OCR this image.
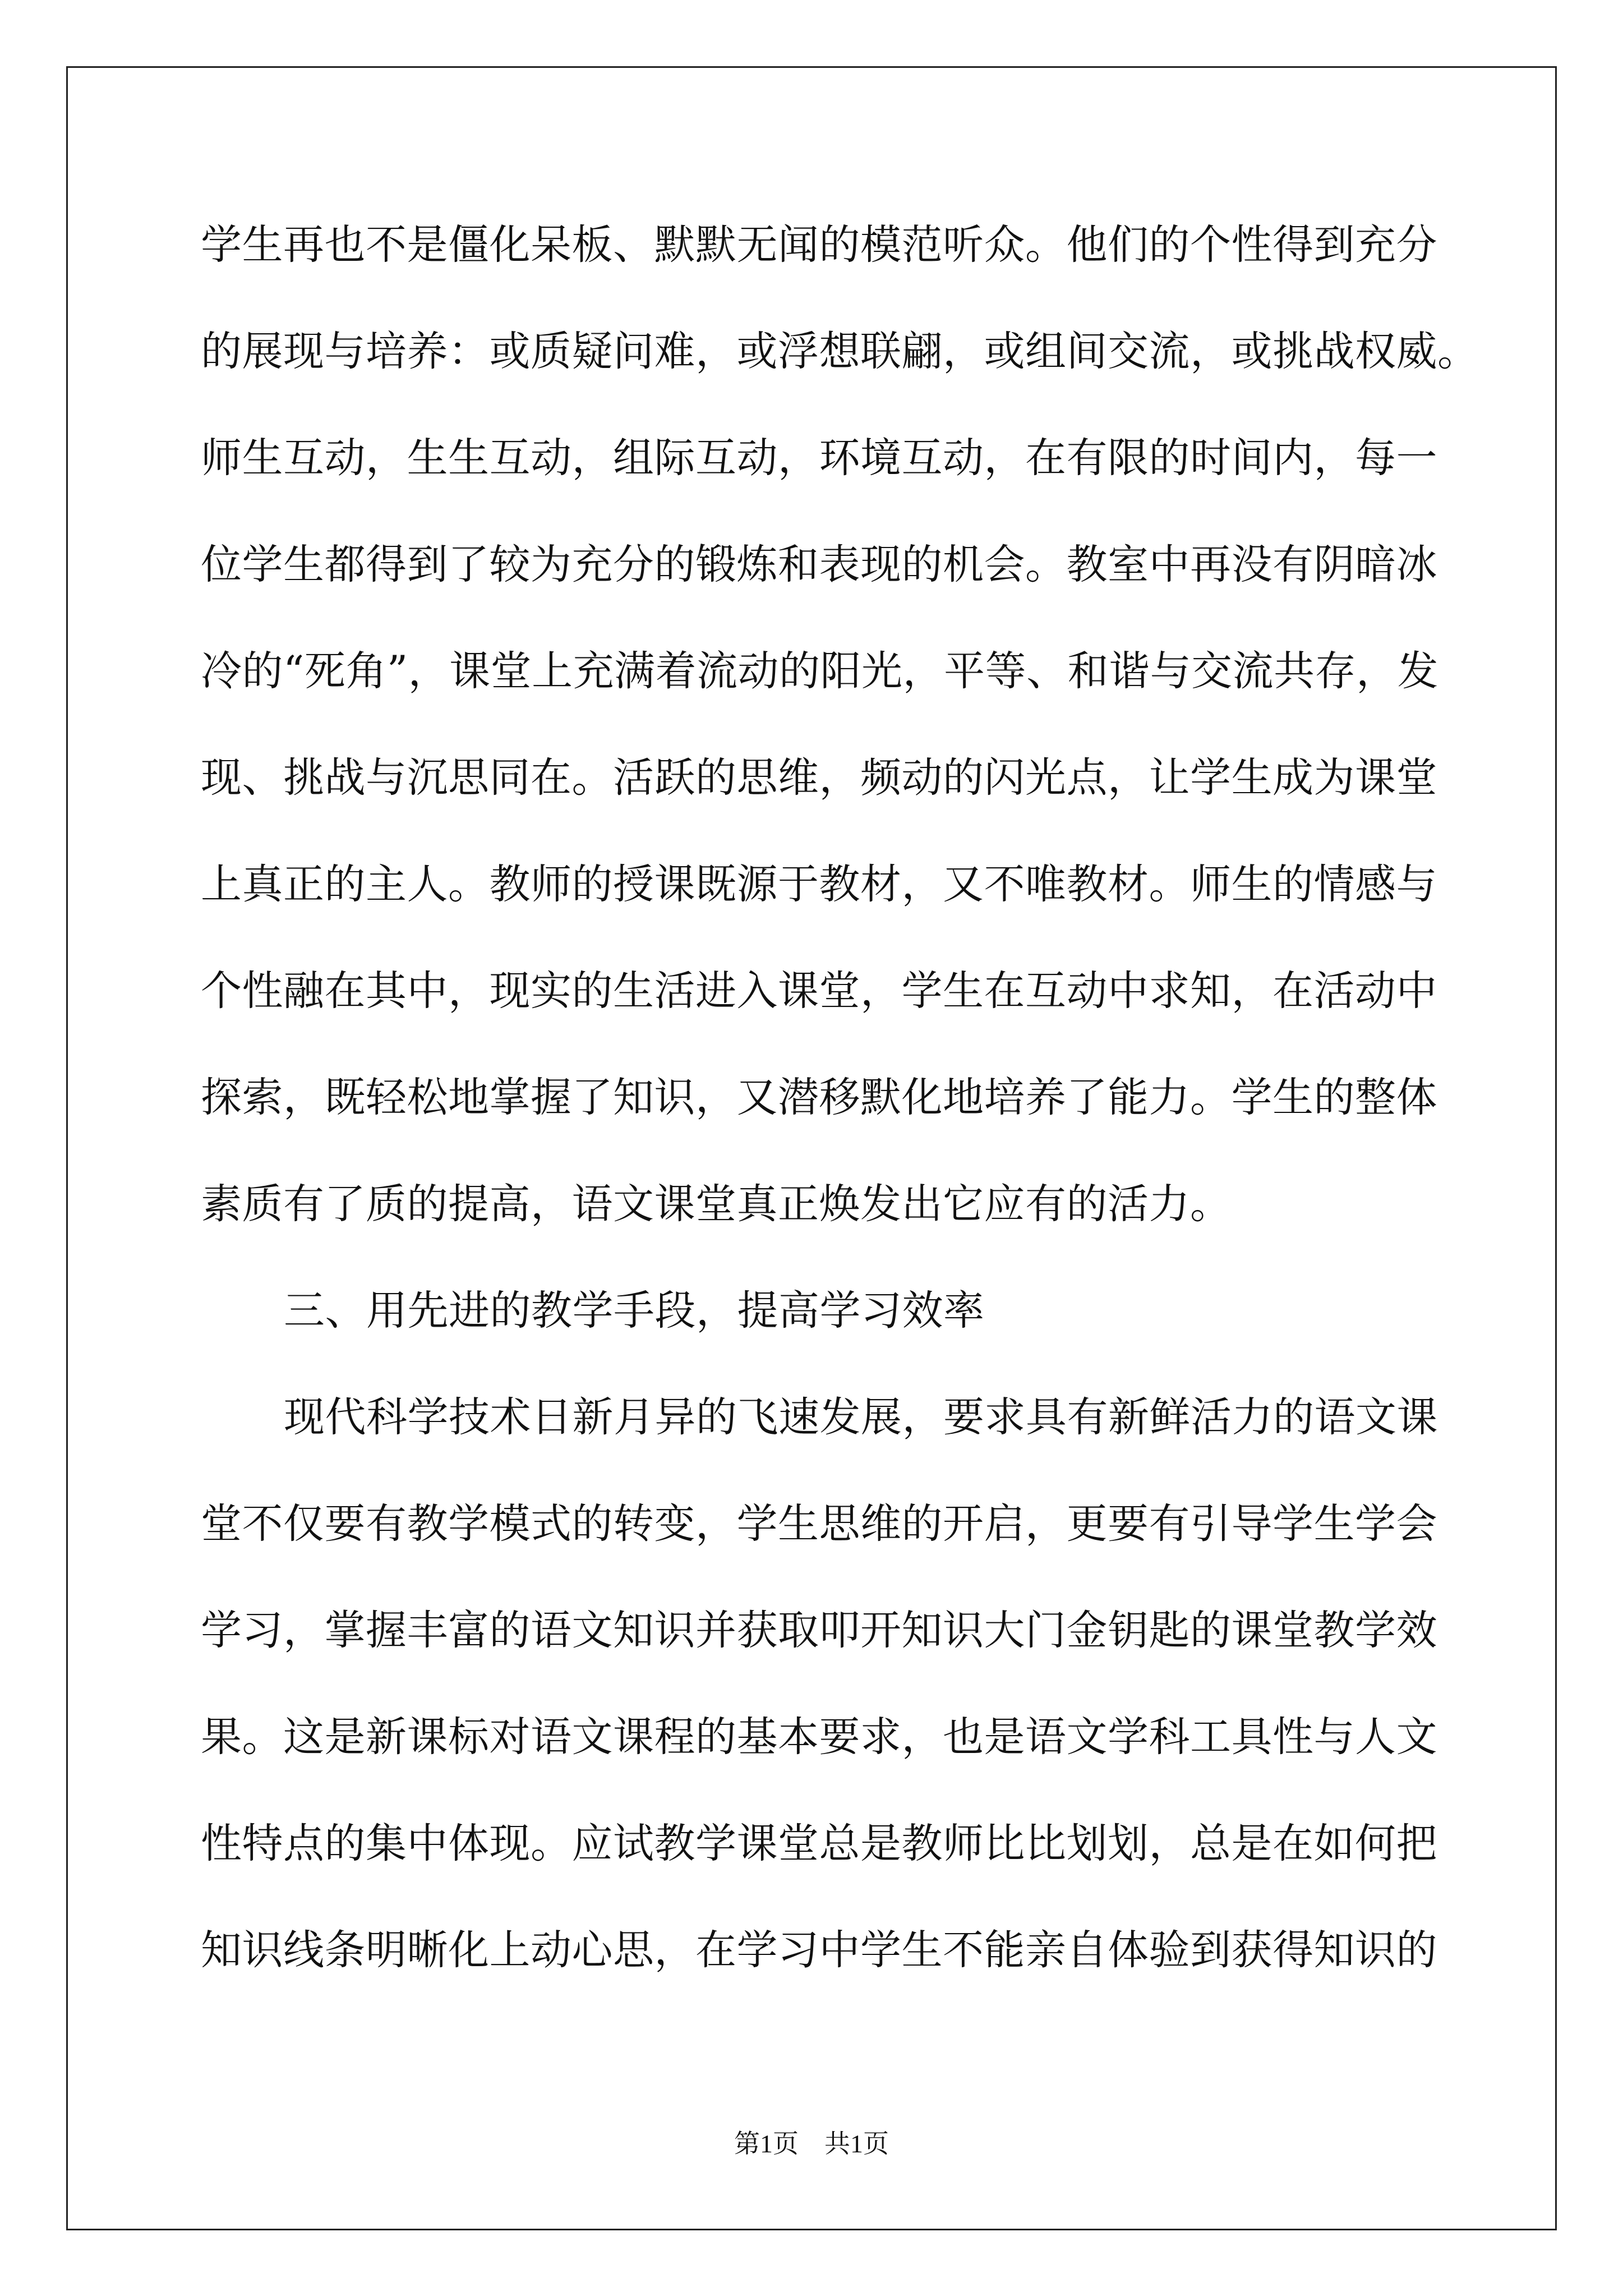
学生再也不是僵化呆板、默默无闻的模范听众。他们的个性得到充分
的展现与培养：或质疑问难，或浮想联翩，或组间交流，或挑战权威。
师生互动，生生互动，组际互动，环境互动，在有限的时间内，每一
位学生都得到了较为充分的锻炼和表现的机会。教室中再没有阴暗冰
冷的“死角”，课堂上充满着流动的阳光，平等、和谐与交流共存，发
现、挑战与沉思同在。活跃的思维，频动的闪光点，让学生成为课堂
上真正的主人。教师的授课既源于教材，又不唯教材。师生的情感与
个性融在其中，现实的生活进入课堂，学生在互动中求知，在活动中
探索，既轻松地掌握了知识，又潜移默化地培养了能力。学生的整体
素质有了质的提高，语文课堂真正焕发出它应有的活力。
三、用先进的教学手段，提高学习效率
现代科学技术日新月异的飞速发展，要求具有新鲜活力的语文课
堂不仅要有教学模式的转变，学生思维的开启，更要有引导学生学会
学习，掌握丰富的语文知识并获取叩开知识大门金钥匙的课堂教学效
果。这是新课标对语文课程的基本要求，也是语文学科工具性与人文
性特点的集中体现。应试教学课堂总是教师比比划划，总是在如何把
知识线条明晰化上动心思，在学习中学生不能亲自体验到获得知识的
第1页　共1页
